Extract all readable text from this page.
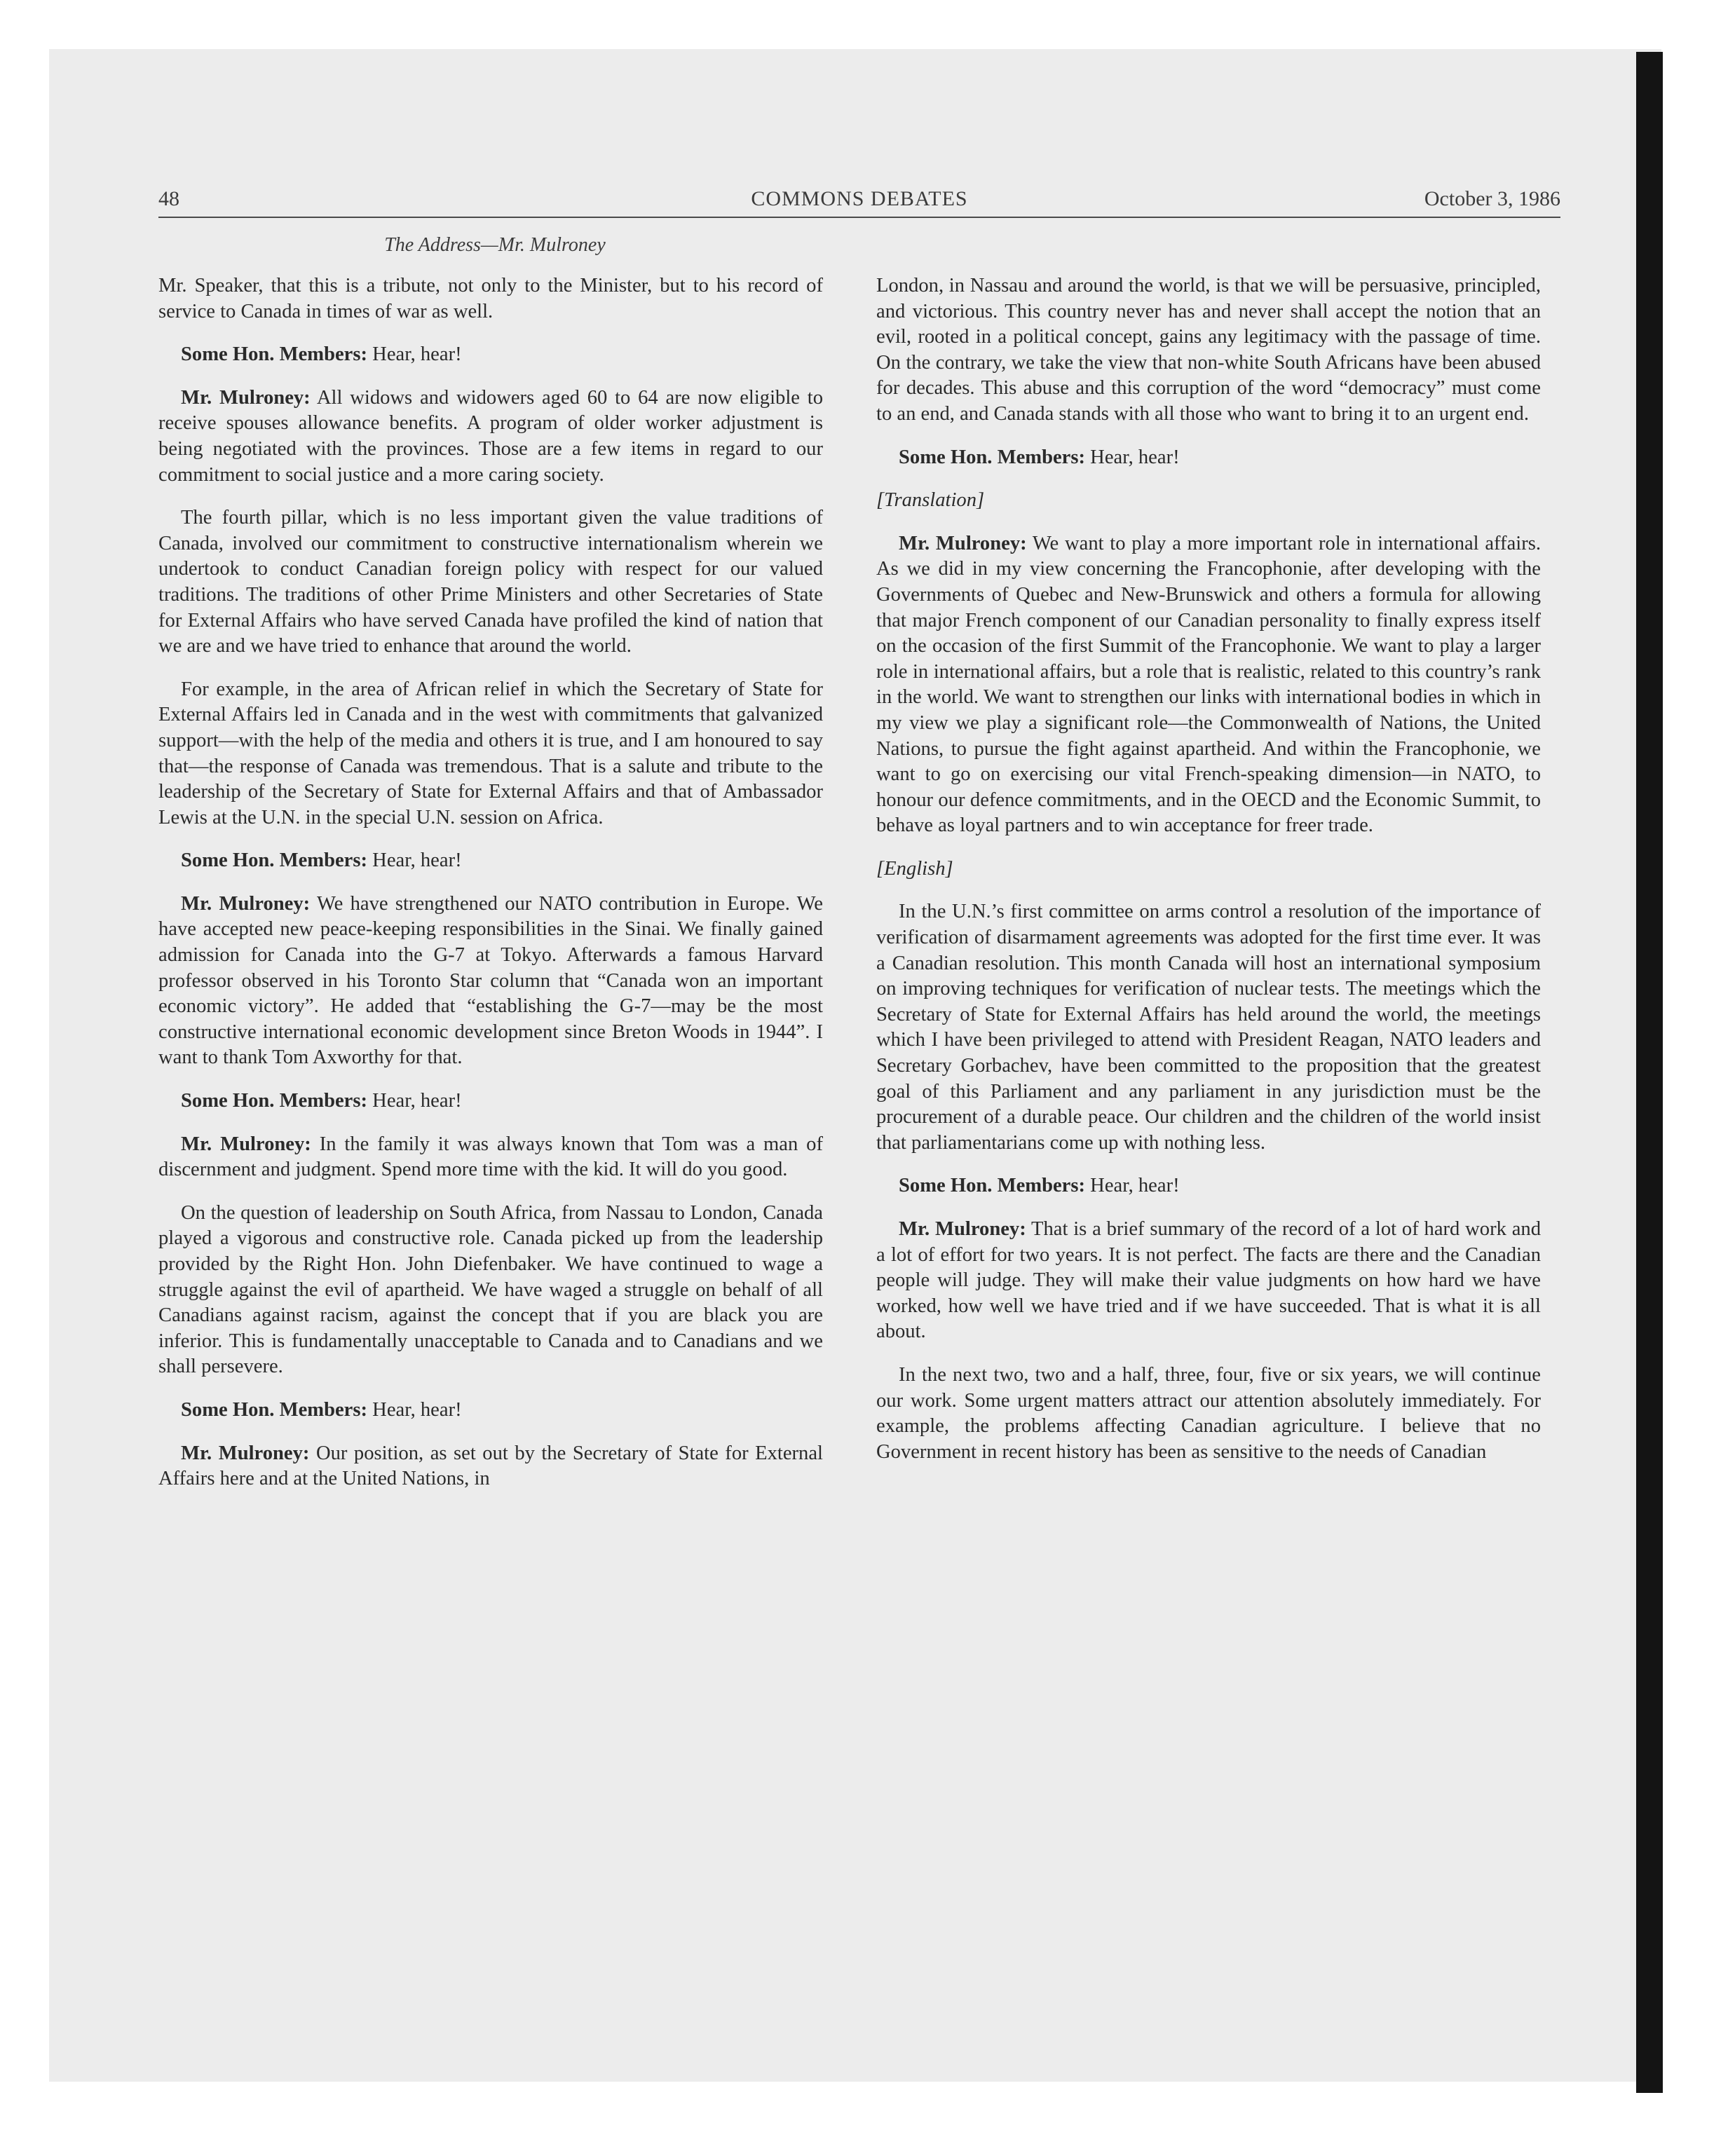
48	COMMONS DEBATES	October 3, 1986
The Address—Mr. Mulroney

Mr. Speaker, that this is a tribute, not only to the Minister, but to his record of service to Canada in times of war as well.

Some Hon. Members: Hear, hear!

Mr. Mulroney: All widows and widowers aged 60 to 64 are now eligible to receive spouses allowance benefits. A program of older worker adjustment is being negotiated with the provinces. Those are a few items in regard to our commitment to social justice and a more caring society.

The fourth pillar, which is no less important given the value traditions of Canada, involved our commitment to constructive internationalism wherein we undertook to conduct Canadian foreign policy with respect for our valued traditions. The traditions of other Prime Ministers and other Secretaries of State for External Affairs who have served Canada have profiled the kind of nation that we are and we have tried to enhance that around the world.

For example, in the area of African relief in which the Secretary of State for External Affairs led in Canada and in the west with commitments that galvanized support—with the help of the media and others it is true, and I am honoured to say that—the response of Canada was tremendous. That is a salute and tribute to the leadership of the Secretary of State for External Affairs and that of Ambassador Lewis at the U.N. in the special U.N. session on Africa.

Some Hon. Members: Hear, hear!

Mr. Mulroney: We have strengthened our NATO contribution in Europe. We have accepted new peace-keeping responsibilities in the Sinai. We finally gained admission for Canada into the G-7 at Tokyo. Afterwards a famous Harvard professor observed in his Toronto Star column that “Canada won an important economic victory”. He added that “establishing the G-7—may be the most constructive international economic development since Breton Woods in 1944”. I want to thank Tom Axworthy for that.

Some Hon. Members: Hear, hear!

Mr. Mulroney: In the family it was always known that Tom was a man of discernment and judgment. Spend more time with the kid. It will do you good.

On the question of leadership on South Africa, from Nassau to London, Canada played a vigorous and constructive role. Canada picked up from the leadership provided by the Right Hon. John Diefenbaker. We have continued to wage a struggle against the evil of apartheid. We have waged a struggle on behalf of all Canadians against racism, against the concept that if you are black you are inferior. This is fundamentally unacceptable to Canada and to Canadians and we shall persevere.

Some Hon. Members: Hear, hear!

Mr. Mulroney: Our position, as set out by the Secretary of State for External Affairs here and at the United Nations, in

London, in Nassau and around the world, is that we will be persuasive, principled, and victorious. This country never has and never shall accept the notion that an evil, rooted in a political concept, gains any legitimacy with the passage of time. On the contrary, we take the view that non-white South Africans have been abused for decades. This abuse and this corruption of the word “democracy” must come to an end, and Canada stands with all those who want to bring it to an urgent end.

Some Hon. Members: Hear, hear!

[Translation]

Mr. Mulroney: We want to play a more important role in international affairs. As we did in my view concerning the Francophonie, after developing with the Governments of Quebec and New-Brunswick and others a formula for allowing that major French component of our Canadian personality to finally express itself on the occasion of the first Summit of the Francophonie. We want to play a larger role in international affairs, but a role that is realistic, related to this country’s rank in the world. We want to strengthen our links with international bodies in which in my view we play a significant role—the Commonwealth of Nations, the United Nations, to pursue the fight against apartheid. And within the Francophonie, we want to go on exercising our vital French-speaking dimension—in NATO, to honour our defence commitments, and in the OECD and the Economic Summit, to behave as loyal partners and to win acceptance for freer trade.

[English]

In the U.N.’s first committee on arms control a resolution of the importance of verification of disarmament agreements was adopted for the first time ever. It was a Canadian resolution. This month Canada will host an international symposium on improving techniques for verification of nuclear tests. The meetings which the Secretary of State for External Affairs has held around the world, the meetings which I have been privileged to attend with President Reagan, NATO leaders and Secretary Gorbachev, have been committed to the proposition that the greatest goal of this Parliament and any parliament in any jurisdiction must be the procurement of a durable peace. Our children and the children of the world insist that parliamentarians come up with nothing less.

Some Hon. Members: Hear, hear!

Mr. Mulroney: That is a brief summary of the record of a lot of hard work and a lot of effort for two years. It is not perfect. The facts are there and the Canadian people will judge. They will make their value judgments on how hard we have worked, how well we have tried and if we have succeeded. That is what it is all about.

In the next two, two and a half, three, four, five or six years, we will continue our work. Some urgent matters attract our attention absolutely immediately. For example, the problems affecting Canadian agriculture. I believe that no Government in recent history has been as sensitive to the needs of Canadian
